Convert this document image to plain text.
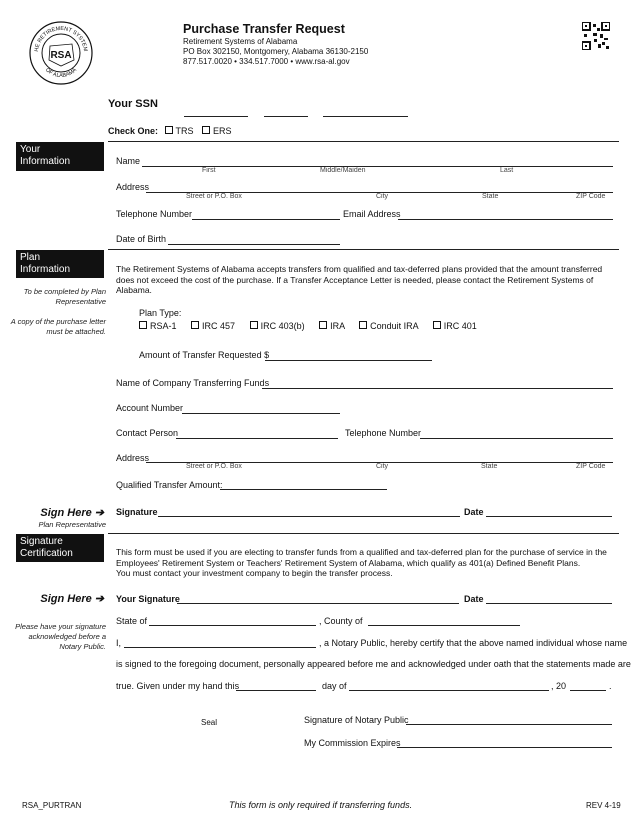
HE RETIREMENT SYSTEM
OF ALABAMA
RSA
Purchase Transfer Request
Retirement Systems of Alabama
PO Box 302150, Montgomery, Alabama 36130-2150
877.517.0020 • 334.517.7000 • www.rsa-al.gov
Your SSN
Check One: TRS ERS
Your
Information	Name
First	Middle/Maiden	Last
Address
Street or P.O. Box	City	State	ZIP Code
Telephone Number	Email Address
Date of Birth
Plan
Information
To be completed by Plan Representative
A copy of the purchase letter must be attached.

The Retirement Systems of Alabama accepts transfers from qualified and tax-deferred plans provided that the amount transferred does not exceed the cost of the purchase. If a Transfer Acceptance Letter is needed, please contact the Retirement Systems of Alabama.

Plan Type:
RSA-1	IRC 457	IRC 403(b)	IRA	Conduit IRA	IRC 401
Amount of Transfer Requested $
Name of Company Transferring Funds
Account Number
Contact Person	Telephone Number
Address
Street or P.O. Box	City	State	ZIP Code
Qualified Transfer Amount:
Sign Here ➔
Plan Representative
Signature	Date
Signature
Certification	This form must be used if you are electing to transfer funds from a qualified and tax-deferred plan for the purchase of service in the Employees' Retirement System or Teachers' Retirement System of Alabama, which qualify as 401(a) Defined Benefit Plans.

You must contact your investment company to begin the transfer process.

Sign Here ➔
Please have your signature acknowledged before a Notary Public.
Your Signature	Date
State of	, County of
I,	, a Notary Public, hereby certify that the above named individual whose name
is signed to the foregoing document, personally appeared before me and acknowledged under oath that the statements made are
true. Given under my hand this	day of	, 20	.
Seal	Signature of Notary Public
My Commission Expires
RSA_PURTRAN	This form is only required if transferring funds.	REV 4-19
